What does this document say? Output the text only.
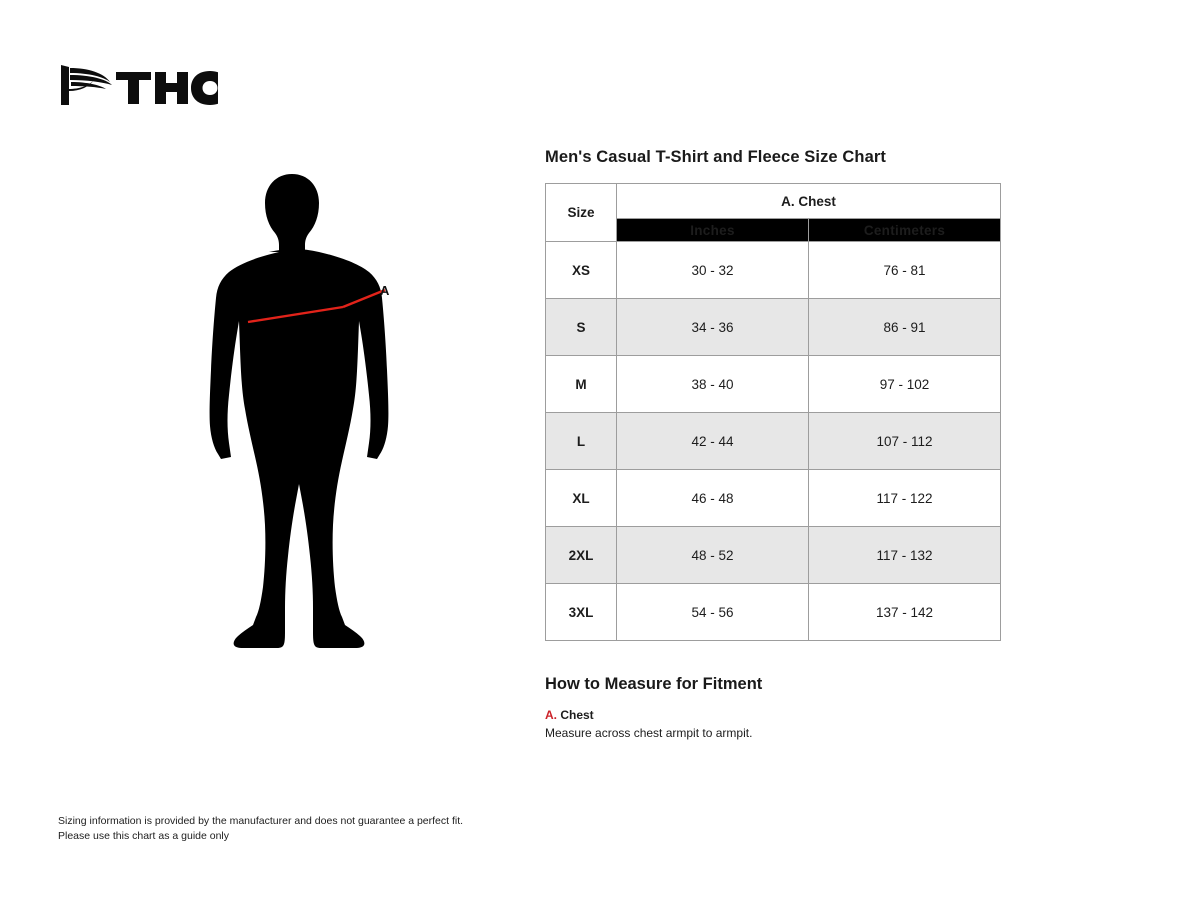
A
Men's Casual T-Shirt and Fleece Size Chart
Size	A. Chest	
	Inches	Centimeters
XS	30 - 32	76 - 81
S	34 - 36	86 - 91
M	38 - 40	97 - 102
L	42 - 44	107 - 112
XL	46 - 48	117 - 122
2XL	48 - 52	117 - 132
3XL	54 - 56	137 - 142
How to Measure for Fitment

A. Chest

Measure across chest armpit to armpit.

Sizing information is provided by the manufacturer and does not guarantee a perfect fit.
Please use this chart as a guide only
